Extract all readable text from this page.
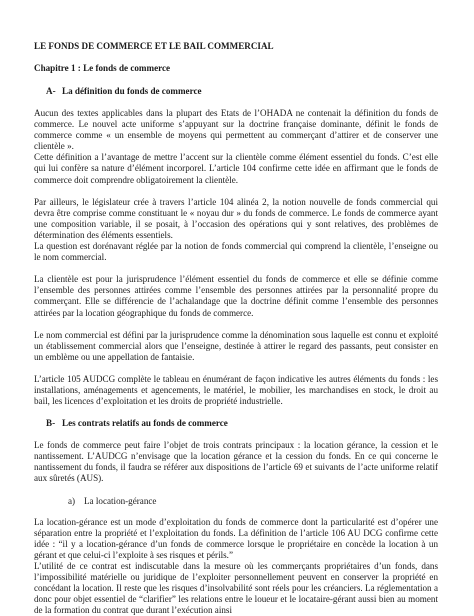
LE FONDS DE COMMERCE ET LE BAIL COMMERCIAL
Chapitre 1 : Le fonds de commerce
A- La définition du fonds de commerce
Aucun des textes applicables dans la plupart des Etats de l’OHADA ne contenait la définition du fonds de commerce. Le nouvel acte uniforme s’appuyant sur la doctrine française dominante, définit le fonds de commerce comme « un ensemble de moyens qui permettent au commerçant d’attirer et de conserver une clientèle ».
Cette définition a l’avantage de mettre l’accent sur la clientèle comme élément essentiel du fonds. C’est elle qui lui confère sa nature d’élément incorporel. L’article 104 confirme cette idée en affirmant que le fonds de commerce doit comprendre obligatoirement la clientèle.
Par ailleurs, le législateur crée à travers l’article 104 alinéa 2, la notion nouvelle de fonds commercial qui devra être comprise comme constituant le « noyau dur » du fonds de commerce. Le fonds de commerce ayant une composition variable, il se posait, à l’occasion des opérations qui y sont relatives, des problèmes de détermination des éléments essentiels.
La question est dorénavant réglée par la notion de fonds commercial qui comprend la clientèle, l’enseigne ou le nom commercial.
La clientèle est pour la jurisprudence l’élément essentiel du fonds de commerce et elle se définie comme l’ensemble des personnes attirées comme l’ensemble des personnes attirées par la personnalité propre du commerçant. Elle se différencie de l’achalandage que la doctrine définit comme l’ensemble des personnes attirées par la location géographique du fonds de commerce.
Le nom commercial est défini par la jurisprudence comme la dénomination sous laquelle est connu et exploité un établissement commercial alors que l’enseigne, destinée à attirer le regard des passants, peut consister en un emblème ou une appellation de fantaisie.
L’article 105 AUDCG complète le tableau en énumérant de façon indicative les autres éléments du fonds : les installations, aménagements et agencements, le matériel, le mobilier, les marchandises en stock, le droit au bail, les licences d’exploitation et les droits de propriété industrielle.
B- Les contrats relatifs au fonds de commerce
Le fonds de commerce peut faire l’objet de trois contrats principaux : la location gérance, la cession et le nantissement. L’AUDCG n’envisage que la location gérance et la cession du fonds. En ce qui concerne le nantissement du fonds, il faudra se référer aux dispositions de l’article 69 et suivants de l’acte uniforme relatif aux sûretés (AUS).
a) La location-gérance
La location-gérance est un mode d’exploitation du fonds de commerce dont la particularité est d’opérer une séparation entre la propriété et l’exploitation du fonds. La définition de l’article 106 AU DCG confirme cette idée : “il y a location-gérance d’un fonds de commerce lorsque le propriétaire en concède la location à un gérant et que celui-ci l’exploite à ses risques et périls.”
L’utilité de ce contrat est indiscutable dans la mesure où les commerçants propriétaires d’un fonds, dans l’impossibilité matérielle ou juridique de l’exploiter personnellement peuvent en conserver la propriété en concédant la location. Il reste que les risques d’insolvabilité sont réels pour les créanciers. La réglementation a donc pour objet essentiel de “clarifier” les relations entre le loueur et le locataire-gérant aussi bien au moment de la formation du contrat que durant l’exécution ainsi
